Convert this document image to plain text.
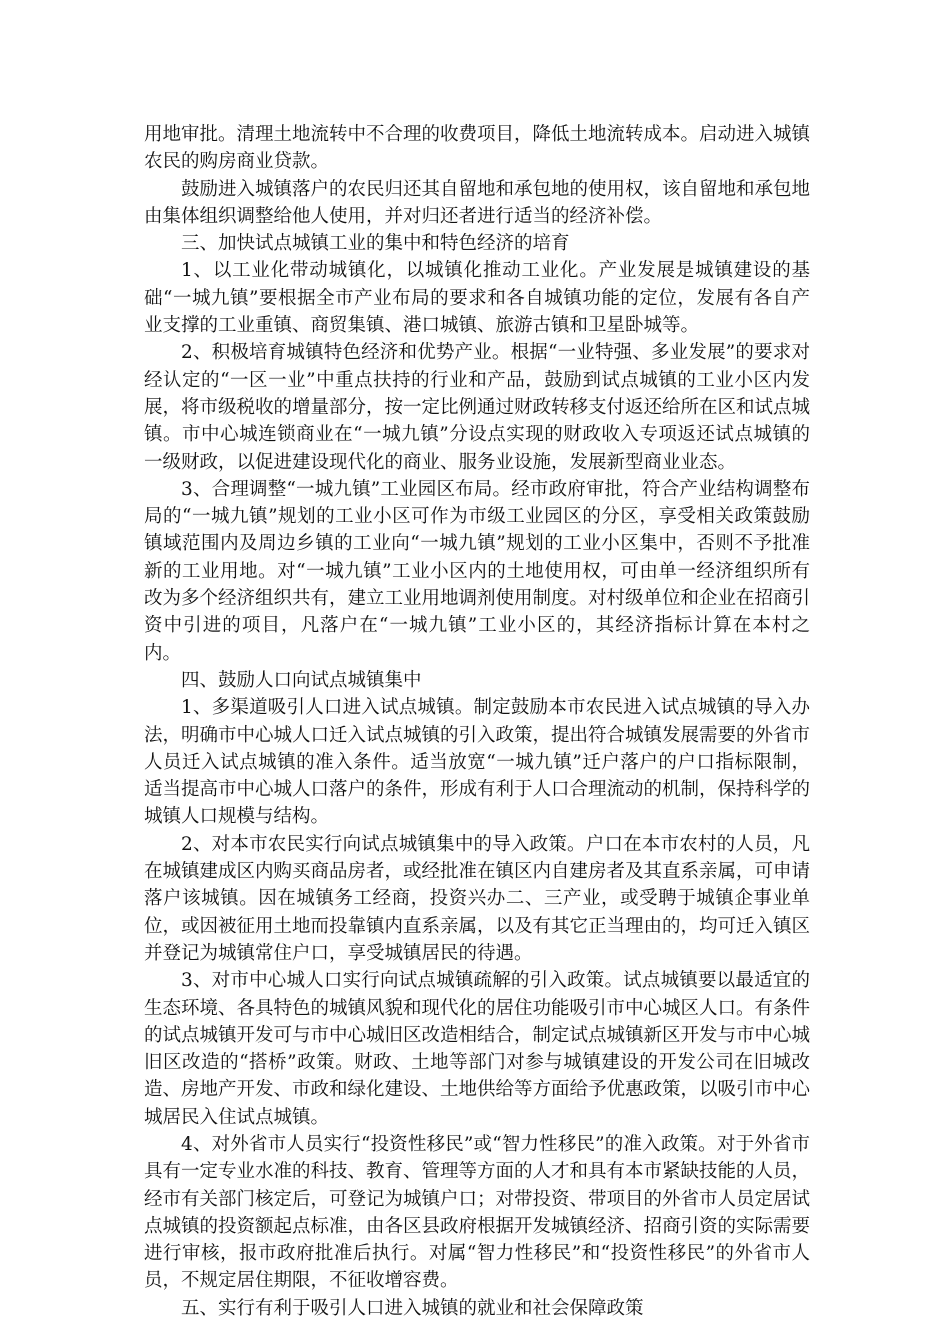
用地审批。清理土地流转中不合理的收费项目，降低土地流转成本。启动进入城镇农民的购房商业贷款。

鼓励进入城镇落户的农民归还其自留地和承包地的使用权，该自留地和承包地由集体组织调整给他人使用，并对归还者进行适当的经济补偿。

三、加快试点城镇工业的集中和特色经济的培育

1、以工业化带动城镇化，以城镇化推动工业化。产业发展是城镇建设的基础“一城九镇”要根据全市产业布局的要求和各自城镇功能的定位，发展有各自产业支撑的工业重镇、商贸集镇、港口城镇、旅游古镇和卫星卧城等。

2、积极培育城镇特色经济和优势产业。根据“一业特强、多业发展”的要求对经认定的“一区一业”中重点扶持的行业和产品，鼓励到试点城镇的工业小区内发展，将市级税收的增量部分，按一定比例通过财政转移支付返还给所在区和试点城镇。市中心城连锁商业在“一城九镇”分设点实现的财政收入专项返还试点城镇的一级财政，以促进建设现代化的商业、服务业设施，发展新型商业业态。

3、合理调整“一城九镇”工业园区布局。经市政府审批，符合产业结构调整布局的“一城九镇”规划的工业小区可作为市级工业园区的分区，享受相关政策鼓励镇域范围内及周边乡镇的工业向“一城九镇”规划的工业小区集中，否则不予批准新的工业用地。对“一城九镇”工业小区内的土地使用权，可由单一经济组织所有改为多个经济组织共有，建立工业用地调剂使用制度。对村级单位和企业在招商引资中引进的项目，凡落户在“一城九镇”工业小区的，其经济指标计算在本村之内。

四、鼓励人口向试点城镇集中

1、多渠道吸引人口进入试点城镇。制定鼓励本市农民进入试点城镇的导入办法，明确市中心城人口迁入试点城镇的引入政策，提出符合城镇发展需要的外省市人员迁入试点城镇的准入条件。适当放宽“一城九镇”迁户落户的户口指标限制，适当提高市中心城人口落户的条件，形成有利于人口合理流动的机制，保持科学的城镇人口规模与结构。

2、对本市农民实行向试点城镇集中的导入政策。户口在本市农村的人员，凡在城镇建成区内购买商品房者，或经批准在镇区内自建房者及其直系亲属，可申请落户该城镇。因在城镇务工经商，投资兴办二、三产业，或受聘于城镇企事业单位，或因被征用土地而投靠镇内直系亲属，以及有其它正当理由的，均可迁入镇区并登记为城镇常住户口，享受城镇居民的待遇。

3、对市中心城人口实行向试点城镇疏解的引入政策。试点城镇要以最适宜的生态环境、各具特色的城镇风貌和现代化的居住功能吸引市中心城区人口。有条件的试点城镇开发可与市中心城旧区改造相结合，制定试点城镇新区开发与市中心城旧区改造的“搭桥”政策。财政、土地等部门对参与城镇建设的开发公司在旧城改造、房地产开发、市政和绿化建设、土地供给等方面给予优惠政策，以吸引市中心城居民入住试点城镇。

4、对外省市人员实行“投资性移民”或“智力性移民”的准入政策。对于外省市具有一定专业水准的科技、教育、管理等方面的人才和具有本市紧缺技能的人员，经市有关部门核定后，可登记为城镇户口；对带投资、带项目的外省市人员定居试点城镇的投资额起点标准，由各区县政府根据开发城镇经济、招商引资的实际需要进行审核，报市政府批准后执行。对属“智力性移民”和“投资性移民”的外省市人员，不规定居住期限，不征收增容费。

五、实行有利于吸引人口进入城镇的就业和社会保障政策
